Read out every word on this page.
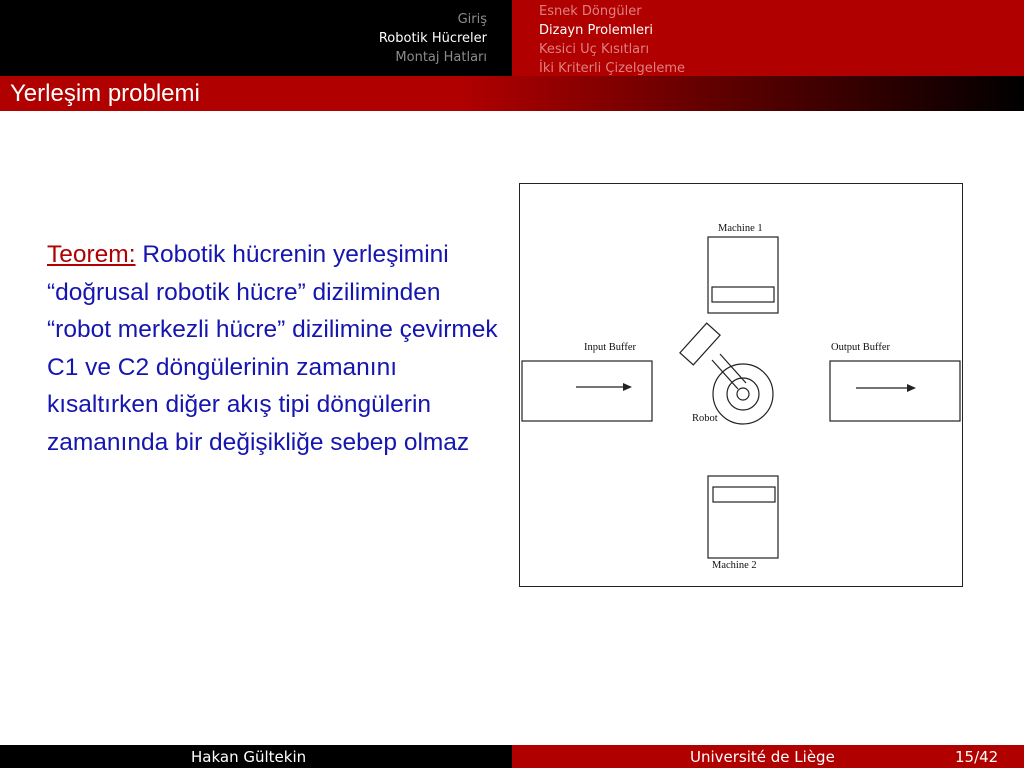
Giriş
Robotik Hücreler
Montaj Hatları
Esnek Döngüler
Dizayn Prolemleri
Kesici Uç Kısıtları
İki Kriterli Çizelgeleme
Yerleşim problemi
Teorem: Robotik hücrenin yerleşimini “doğrusal robotik hücre” diziliminden “robot merkezli hücre” dizilimine çevirmek C1 ve C2 döngülerinin zamanını kısaltırken diğer akış tipi döngülerin zamanında bir değişikliğe sebep olmaz
Machine 1
Machine 2
Input Buffer	Output Buffer
Robot
Hakan Gültekin	Université de Liège	15/42
